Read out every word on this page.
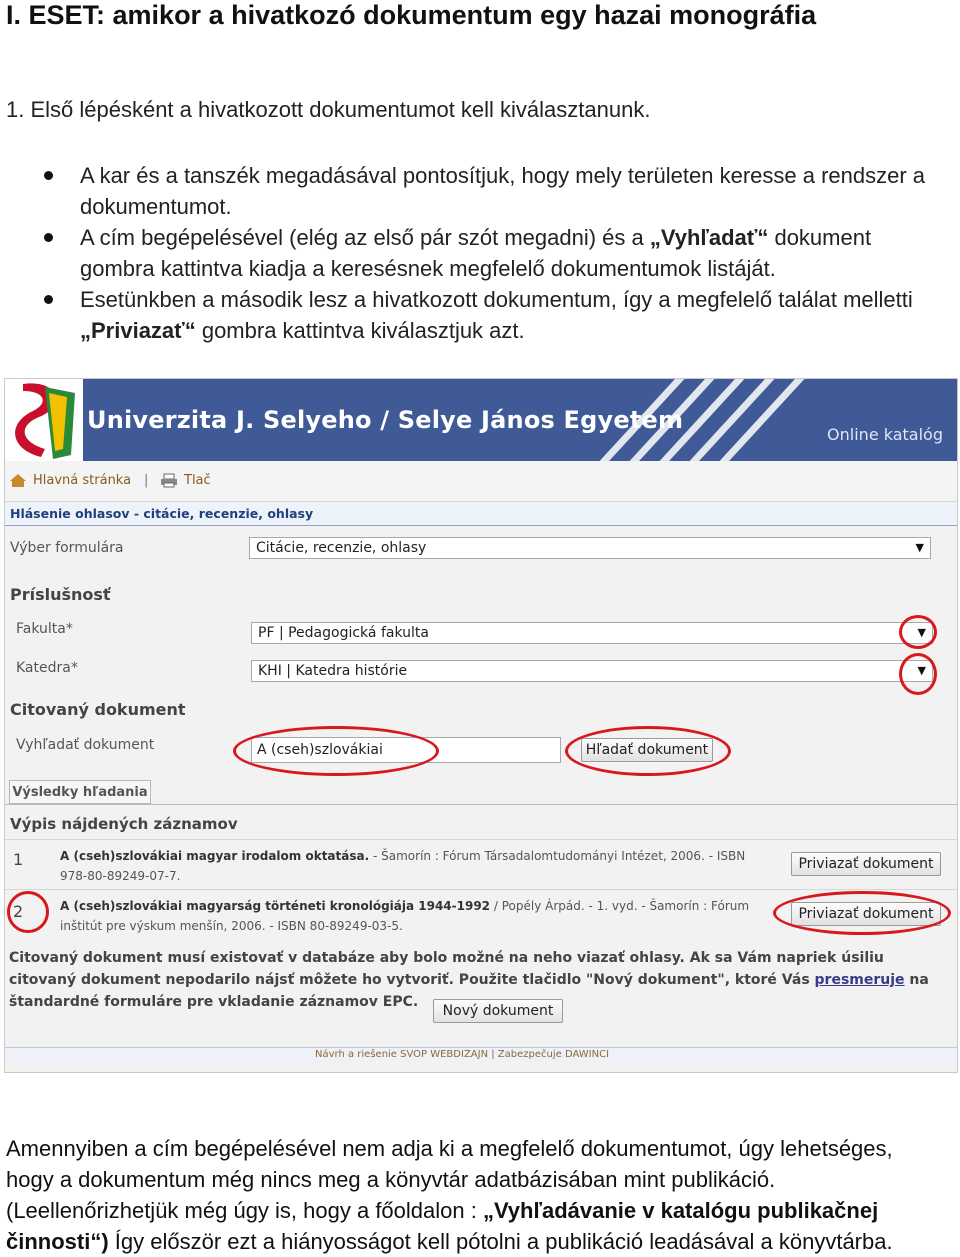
I. ESET: amikor a hivatkozó dokumentum egy hazai monográfia

1. Első lépésként a hivatkozott dokumentumot kell kiválasztanunk.

A kar és a tanszék megadásával pontosítjuk, hogy mely területen keresse a rendszer a dokumentumot.
A cím begépelésével (elég az első pár szót megadni) és a „Vyhľadať“ dokument gombra kattintva kiadja a keresésnek megfelelő dokumentumok listáját.
Esetünkben a második lesz a hivatkozott dokumentum, így a megfelelő találat melletti „Priviazať“ gombra kattintva kiválasztjuk azt.
Univerzita J. Selyeho / Selye János Egyetem
Online katalóg
Hlavná stránka |	Tlač
Hlásenie ohlasov - citácie, recenzie, ohlasy
Výber formulára	Citácie, recenzie, ohlasy	▼
Príslušnosť
Fakulta*	PF | Pedagogická fakulta	▼
Katedra*	KHI | Katedra histórie	▼
Citovaný dokument
Vyhľadať dokument	A (cseh)szlovákiai	Hľadať dokument
Výsledky hľadania
Výpis nájdených záznamov
1	A (cseh)szlovákiai magyar irodalom oktatása. - Šamorín : Fórum Társadalomtudományi Intézet, 2006. - ISBN 978-80-89249-07-7.
Priviazať dokument
2	A (cseh)szlovákiai magyarság történeti kronológiája 1944-1992 / Popély Árpád. - 1. vyd. - Šamorín : Fórum inštitút pre výskum menšín, 2006. - ISBN 80-89249-03-5.
Priviazať dokument
Citovaný dokument musí existovať v databáze aby bolo možné na neho viazať ohlasy. Ak sa Vám napriek úsiliu citovaný dokument nepodarilo nájsť môžete ho vytvoriť. Použite tlačidlo "Nový dokument", ktoré Vás presmeruje na štandardné formuláre pre vkladanie záznamov EPC.
Nový dokument
Návrh a riešenie SVOP WEBDIZAJN | Zabezpečuje DAWINCI

Amennyiben a cím begépelésével nem adja ki a megfelelő dokumentumot, úgy lehetséges, hogy a dokumentum még nincs meg a könyvtár adatbázisában mint publikáció. (Leellenőrizhetjük még úgy is, hogy a főoldalon : „Vyhľadávanie v katalógu publikačnej činnosti“) Így először ezt a hiányosságot kell pótolni a publikáció leadásával a könyvtárba.
